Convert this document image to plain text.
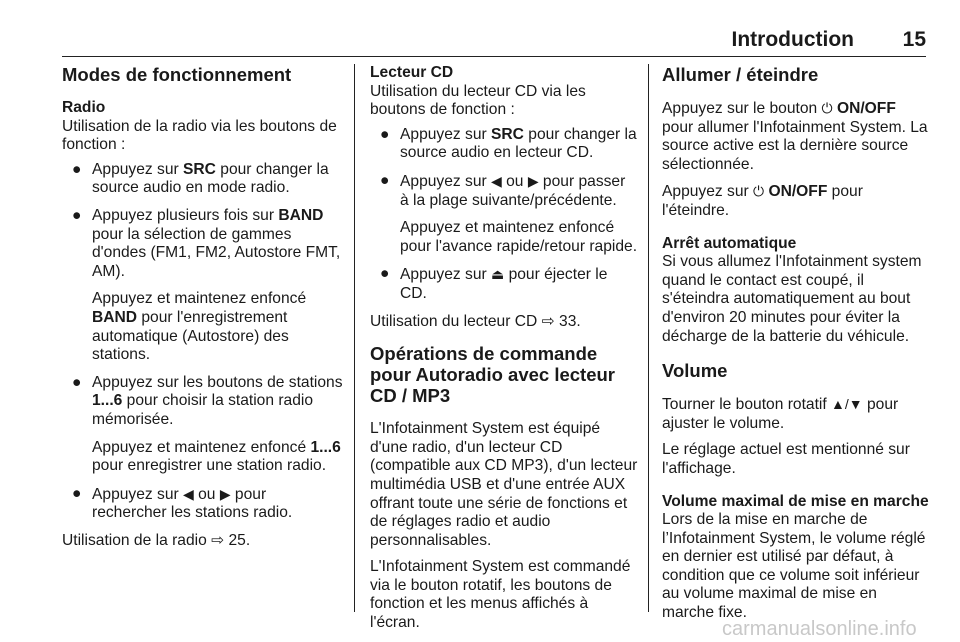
Introduction 15
Modes de fonctionnement
Radio

Utilisation de la radio via les boutons de fonction :

● Appuyez sur SRC pour changer la source audio en mode radio.

● Appuyez plusieurs fois sur BAND pour la sélection de gammes d'ondes (FM1, FM2, Autostore FMT, AM).

Appuyez et maintenez enfoncé BAND pour l'enregistrement automatique (Autostore) des stations.

● Appuyez sur les boutons de stations 1...6 pour choisir la station radio mémorisée.

Appuyez et maintenez enfoncé 1...6 pour enregistrer une station radio.

● Appuyez sur ◀ ou ▶ pour rechercher les stations radio.

Utilisation de la radio ⇨ 25.

Lecteur CD

Utilisation du lecteur CD via les boutons de fonction :

● Appuyez sur SRC pour changer la source audio en lecteur CD.

● Appuyez sur ◀ ou ▶ pour passer à la plage suivante/précédente.

Appuyez et maintenez enfoncé pour l'avance rapide/retour rapide.

● Appuyez sur ⏏ pour éjecter le CD.

Utilisation du lecteur CD ⇨ 33.

Opérations de commande pour Autoradio avec lecteur CD / MP3

L'Infotainment System est équipé d'une radio, d'un lecteur CD (compatible aux CD MP3), d'un lecteur multimédia USB et d'une entrée AUX offrant toute une série de fonctions et de réglages radio et audio personnalisables.

L'Infotainment System est commandé via le bouton rotatif, les boutons de fonction et les menus affichés à l'écran.

Allumer / éteindre

Appuyez sur le bouton ⏻ ON/OFF pour allumer l'Infotainment System. La source active est la dernière source sélectionnée.

Appuyez sur ⏻ ON/OFF pour l'éteindre.

Arrêt automatique

Si vous allumez l'Infotainment system quand le contact est coupé, il s'éteindra automatiquement au bout d'environ 20 minutes pour éviter la décharge de la batterie du véhicule.

Volume

Tourner le bouton rotatif ▲/▼ pour ajuster le volume.

Le réglage actuel est mentionné sur l'affichage.

Volume maximal de mise en marche

Lors de la mise en marche de l’Infotainment System, le volume réglé en dernier est utilisé par défaut, à condition que ce volume soit inférieur au volume maximal de mise en marche fixe.

carmanualsonline.info
